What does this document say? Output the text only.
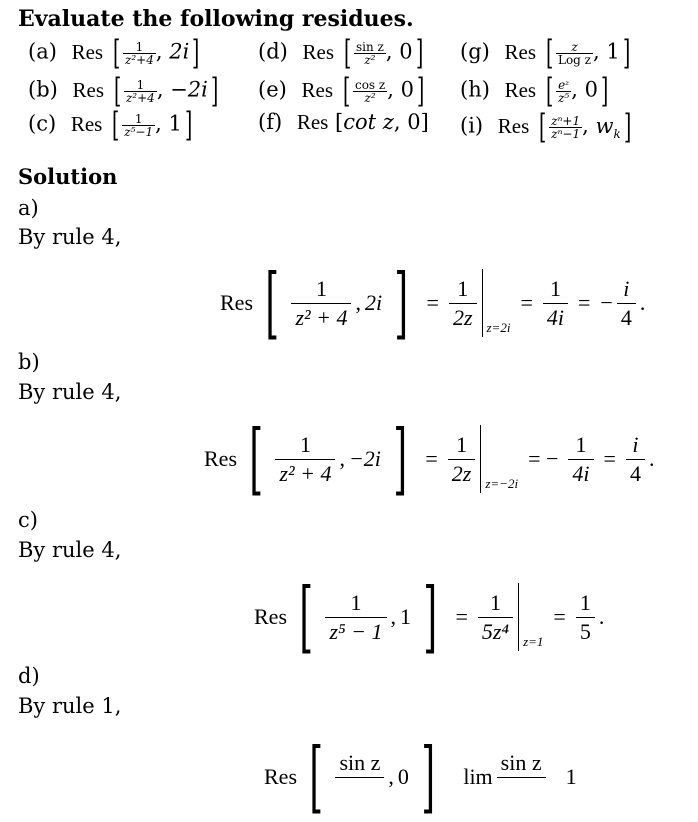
Evaluate the following residues.
(a) Res [ $\frac{1}{\text{z²+4}}$ , 2i]
(b) Res [ $\frac{1}{\text{z²+4}}$ , −2i]
(c) Res [ $\frac{1}{\text{z⁵−1}}$ , 1]
(d) Res [ $\frac{\text{sin z}}{\text{z²}}$ , 0]
(e) Res [ $\frac{\text{cos z}}{\text{z²}}$ , 0]
(f) Res [cot z, 0]
(g) Res [ $\frac{z}{\text{Log z}}$ , 1]
(h) Res [ $\frac{\text{eᶻ}}{\text{z⁵}}$ , 0]
(i) Res [ $\frac{\text{zⁿ+1}}{\text{zⁿ−1}}$ , $w_k$]
Solution
a)
By rule 4,
Res [ $\frac{1}{\text{z² + 4}}$ , 2i ] = $\frac{1}{2z} z=2i$
= $\frac{1}{4i}$ = − $\frac{i}{4}$ .
b)
By rule 4,
Res [ $\frac{1}{\text{z² + 4}}$ , −2i ] = $\frac{1}{2z} z=-2i$
= − $\frac{1}{4i} = \frac{i}{4}$ .
c)
By rule 4,
Res [ $\frac{1}{\text{z⁵ − 1}}$ , 1 ] = $\frac{1}{\text{5z⁴}} z=1$
= $\frac{1}{5}$ .
d)
By rule 1,
Res [ sin z

, 0 ] lim
sin z

1
